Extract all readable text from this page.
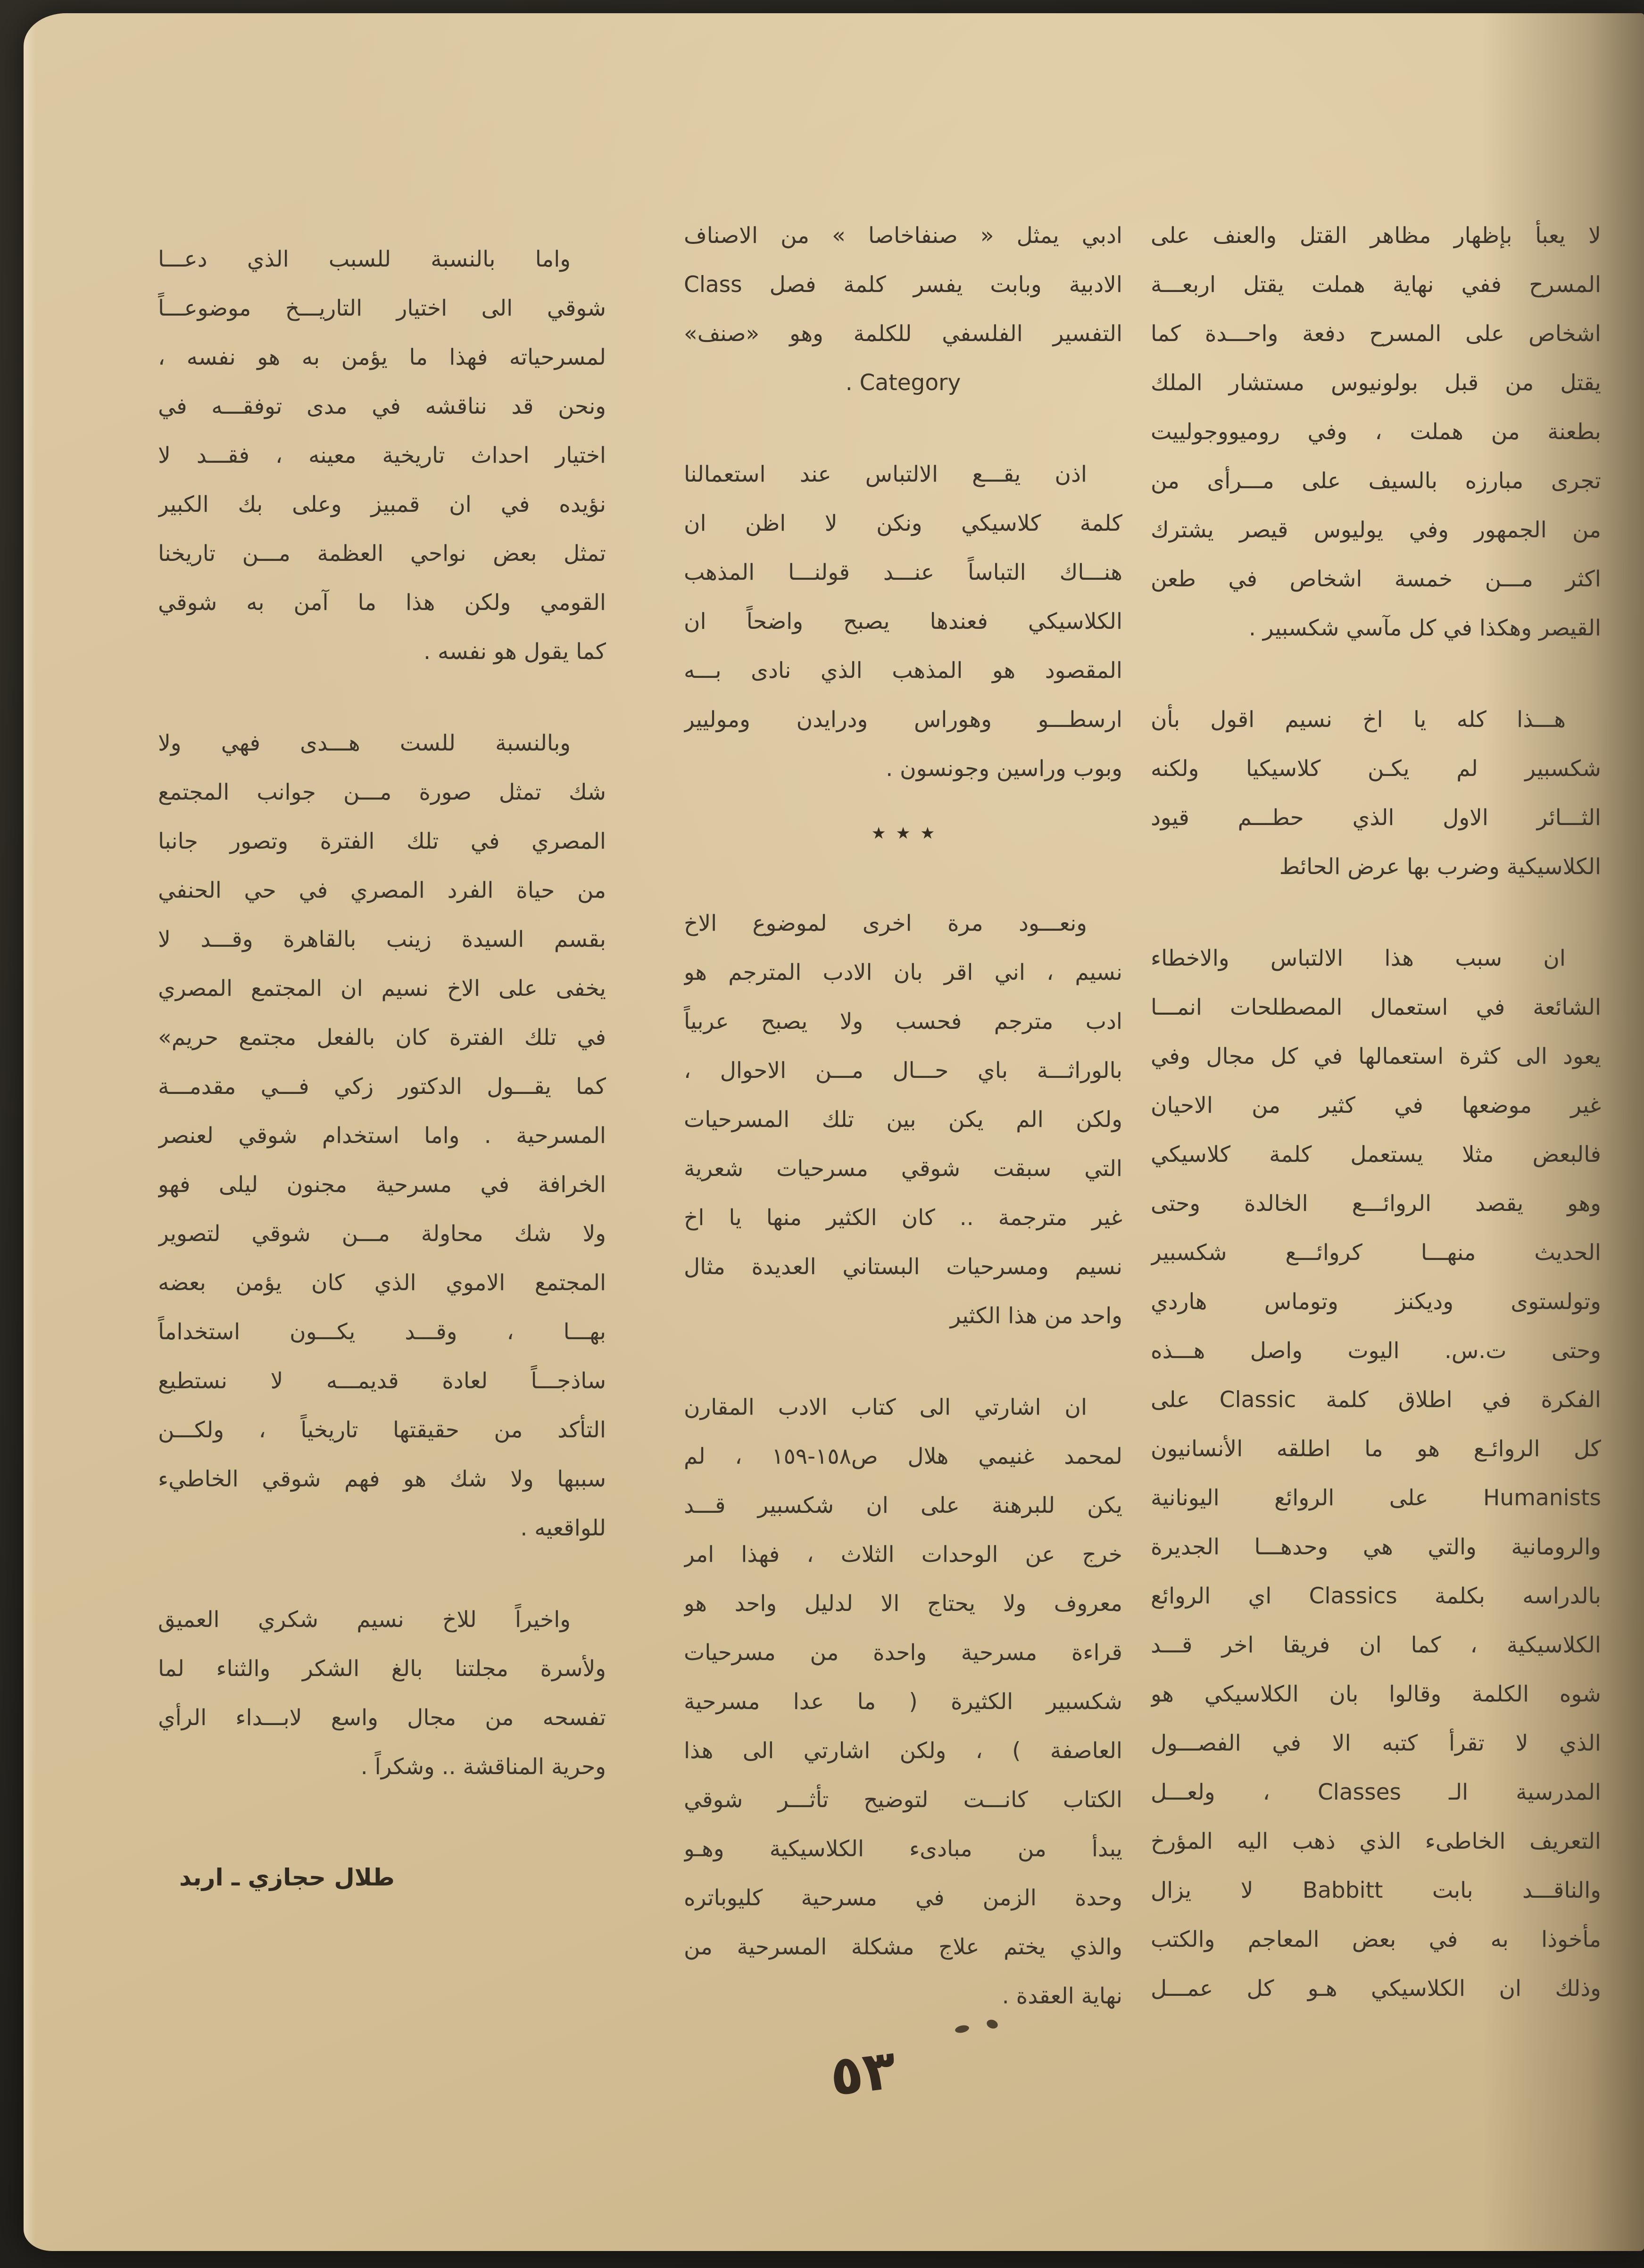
لا يعبأ بإظهار مظاهر القتل والعنف على
المسرح ففي نهاية هملت يقتل اربعـــة
اشخاص على المسرح دفعة واحـــدة كما
يقتل من قبل بولونيوس مستشار الملك
بطعنة من هملت ، وفي روميووجولييت
تجرى مبارزه بالسيف على مـــرأى من
من الجمهور وفي يوليوس قيصر يشترك
اكثر مـــن خمسة اشخاص في طعن
القيصر وهكذا في كل مآسي شكسبير .
هـــذا كله يا اخ نسيم اقول بأن
شكسبير لم يكـن كلاسيكيا ولكنه
الثـــائر الاول الذي حطـــم قيود
الكلاسيكية وضرب بها عرض الحائط
ان سبب هذا الالتباس والاخطاء
الشائعة في استعمال المصطلحات انمـــا
يعود الى كثرة استعمالها في كل مجال وفي
غير موضعها في كثير من الاحيان
فالبعض مثلا يستعمل كلمة كلاسيكي
وهو يقصد الروائـــع الخالدة وحتى
الحديث منهـــا كروائـــع شكسبير
وتولستوى وديكنز وتوماس هاردي
وحتى ت.س. اليوت واصل هـــذه
الفكرة في اطلاق كلمة Classic على
كل الروائـع هو ما اطلقه الأنسانيون
Humanists على الروائع اليونانية
والرومانية والتي هي وحدهـــا الجديرة
بالدراسه بكلمة Classics اي الروائع
الكلاسيكية ، كما ان فريقا اخر قـــد
شوه الكلمة وقالوا بان الكلاسيكي هو
الذي لا تقرأ كتبه الا في الفصـــول
المدرسية الـ Classes ، ولعـــل
التعريف الخاطىء الذي ذهب اليه المؤرخ
والناقـــد بابت Babbitt لا يزال
مأخوذا به في بعض المعاجم والكتب
وذلك ان الكلاسيكي هـو كل عمـــل
ادبي يمثل « صنفاخاصا » من الاصناف
الادبية وبابت يفسر كلمة فصل Class
التفسير الفلسفي للكلمة وهو «صنف»
Category .
اذن يقـــع الالتباس عند استعمالنا
كلمة كلاسيكي ونكن لا اظن ان
هنـــاك التباساً عنـــد قولنـــا المذهب
الكلاسيكي فعندها يصبح واضحاً ان
المقصود هو المذهب الذي نادى بـــه
ارسطـــو وهوراس ودرايدن وموليير
وبوب وراسين وجونسون .
٭ ٭ ٭
ونعـــود مرة اخرى لموضوع الاخ
نسيم ، اني اقر بان الادب المترجم هو
ادب مترجم فحسب ولا يصبح عربياً
بالوراثـــة باي حـــال مـــن الاحوال ،
ولكن الم يكن بين تلك المسرحيات
التي سبقت شوقي مسرحيات شعرية
غير مترجمة .. كان الكثير منها يا اخ
نسيم ومسرحيات البستاني العديدة مثال
واحد من هذا الكثير
ان اشارتي الى كتاب الادب المقارن
لمحمد غنيمي هلال ص١٥٨-١٥٩ ، لم
يكن للبرهنة على ان شكسبير قـــد
خرج عن الوحدات الثلاث ، فهذا امر
معروف ولا يحتاج الا لدليل واحد هو
قراءة مسرحية واحدة من مسرحيات
شكسبير الكثيرة ( ما عدا مسرحية
العاصفة ) ، ولكن اشارتي الى هذا
الكتاب كانـــت لتوضيح تأثـــر شوقي
يبدأ من مبادىء الكلاسيكية وهـو
وحدة الزمن في مسرحية كليوباتره
والذي يختم علاج مشكلة المسرحية من
نهاية العقدة .
واما بالنسبة للسبب الذي دعـــا
شوقي الى اختيار التاريـــخ موضوعـــاً
لمسرحياته فهذا ما يؤمن به هو نفسه ،
ونحن قد نناقشه في مدى توفقـــه في
اختيار احداث تاريخية معينه ، فقـــد لا
نؤيده في ان قمبيز وعلى بك الكبير
تمثل بعض نواحي العظمة مـــن تاريخنا
القومي ولكن هذا ما آمن به شوقي
كما يقول هو نفسه .
وبالنسبة للست هـــدى فهي ولا
شك تمثل صورة مـــن جوانب المجتمع
المصري في تلك الفترة وتصور جانبا
من حياة الفرد المصري في حي الحنفي
بقسم السيدة زينب بالقاهرة وقـــد لا
يخفى على الاخ نسيم ان المجتمع المصري
في تلك الفترة كان بالفعل مجتمع حريم»
كما يقـــول الدكتور زكي فـــي مقدمـــة
المسرحية . واما استخدام شوقي لعنصر
الخرافة في مسرحية مجنون ليلى فهو
ولا شك محاولة مـــن شوقي لتصوير
المجتمع الاموي الذي كان يؤمن بعضه
بهـــا ، وقـــد يكـــون استخداماً
ساذجـــاً لعادة قديمـــه لا نستطيع
التأكد من حقيقتها تاريخياً ، ولكـــن
سببها ولا شك هو فهم شوقي الخاطيء
للواقعيه .
واخيراً للاخ نسيم شكري العميق
ولأسرة مجلتنا بالغ الشكر والثناء لما
تفسحه من مجال واسع لابـــداء الرأي
وحرية المناقشة .. وشكراً .
طلال حجازي ـ اربد
٥٣
